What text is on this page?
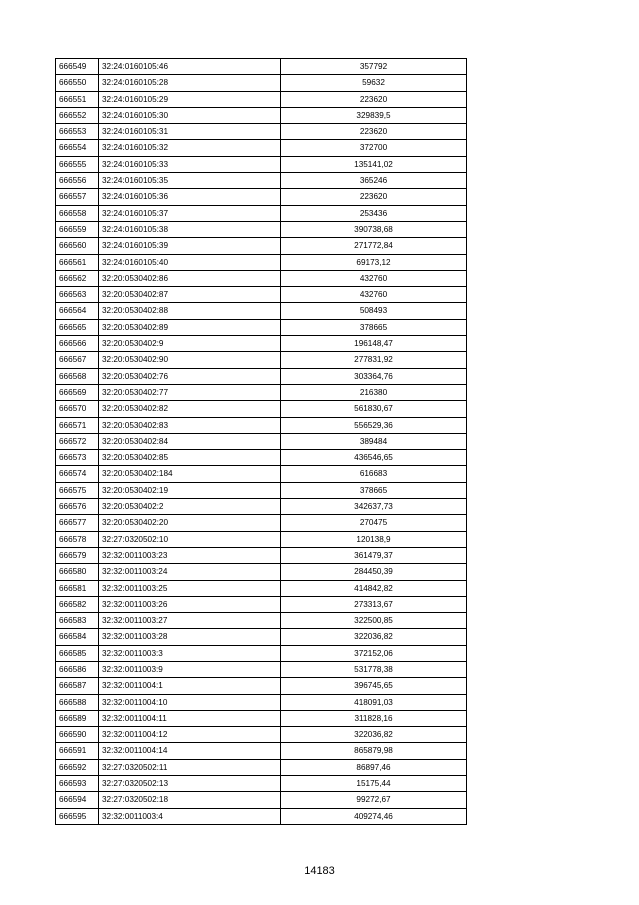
666549	32:24:0160105:46	357792
666550	32:24:0160105:28	59632
666551	32:24:0160105:29	223620
666552	32:24:0160105:30	329839,5
666553	32:24:0160105:31	223620
666554	32:24:0160105:32	372700
666555	32:24:0160105:33	135141,02
666556	32:24:0160105:35	365246
666557	32:24:0160105:36	223620
666558	32:24:0160105:37	253436
666559	32:24:0160105:38	390738,68
666560	32:24:0160105:39	271772,84
666561	32:24:0160105:40	69173,12
666562	32:20:0530402:86	432760
666563	32:20:0530402:87	432760
666564	32:20:0530402:88	508493
666565	32:20:0530402:89	378665
666566	32:20:0530402:9	196148,47
666567	32:20:0530402:90	277831,92
666568	32:20:0530402:76	303364,76
666569	32:20:0530402:77	216380
666570	32:20:0530402:82	561830,67
666571	32:20:0530402:83	556529,36
666572	32:20:0530402:84	389484
666573	32:20:0530402:85	436546,65
666574	32:20:0530402:184	616683
666575	32:20:0530402:19	378665
666576	32:20:0530402:2	342637,73
666577	32:20:0530402:20	270475
666578	32:27:0320502:10	120138,9
666579	32:32:0011003:23	361479,37
666580	32:32:0011003:24	284450,39
666581	32:32:0011003:25	414842,82
666582	32:32:0011003:26	273313,67
666583	32:32:0011003:27	322500,85
666584	32:32:0011003:28	322036,82
666585	32:32:0011003:3	372152,06
666586	32:32:0011003:9	531778,38
666587	32:32:0011004:1	396745,65
666588	32:32:0011004:10	418091,03
666589	32:32:0011004:11	311828,16
666590	32:32:0011004:12	322036,82
666591	32:32:0011004:14	865879,98
666592	32:27:0320502:11	86897,46
666593	32:27:0320502:13	15175,44
666594	32:27:0320502:18	99272,67
666595	32:32:0011003:4	409274,46
14183
